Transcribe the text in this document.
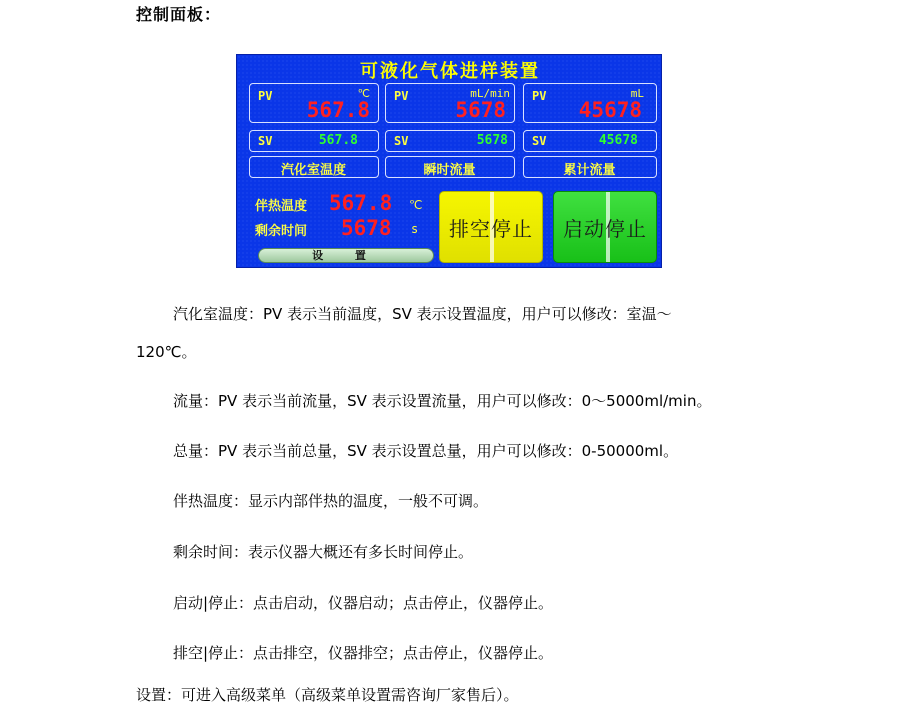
控制面板：
可液化气体进样装置
PV	℃
567.8
PV	mL/min
5678
PV	mL
45678
SV	567.8	SV	5678 SV	45678
汽化室温度	瞬时流量	累计流量
伴热温度 567.8 ℃
剩余时间 5678 s 排空停止 启动停止
设 置
汽化室温度：PV 表示当前温度，SV 表示设置温度，用户可以修改：室温～
120℃。
流量：PV 表示当前流量，SV 表示设置流量，用户可以修改：0～5000ml/min。
总量：PV 表示当前总量，SV 表示设置总量，用户可以修改：0-50000ml。
伴热温度：显示内部伴热的温度，一般不可调。
剩余时间：表示仪器大概还有多长时间停止。
启动|停止：点击启动，仪器启动；点击停止，仪器停止。
排空|停止：点击排空，仪器排空；点击停止，仪器停止。
设置：可进入高级菜单（高级菜单设置需咨询厂家售后）。
